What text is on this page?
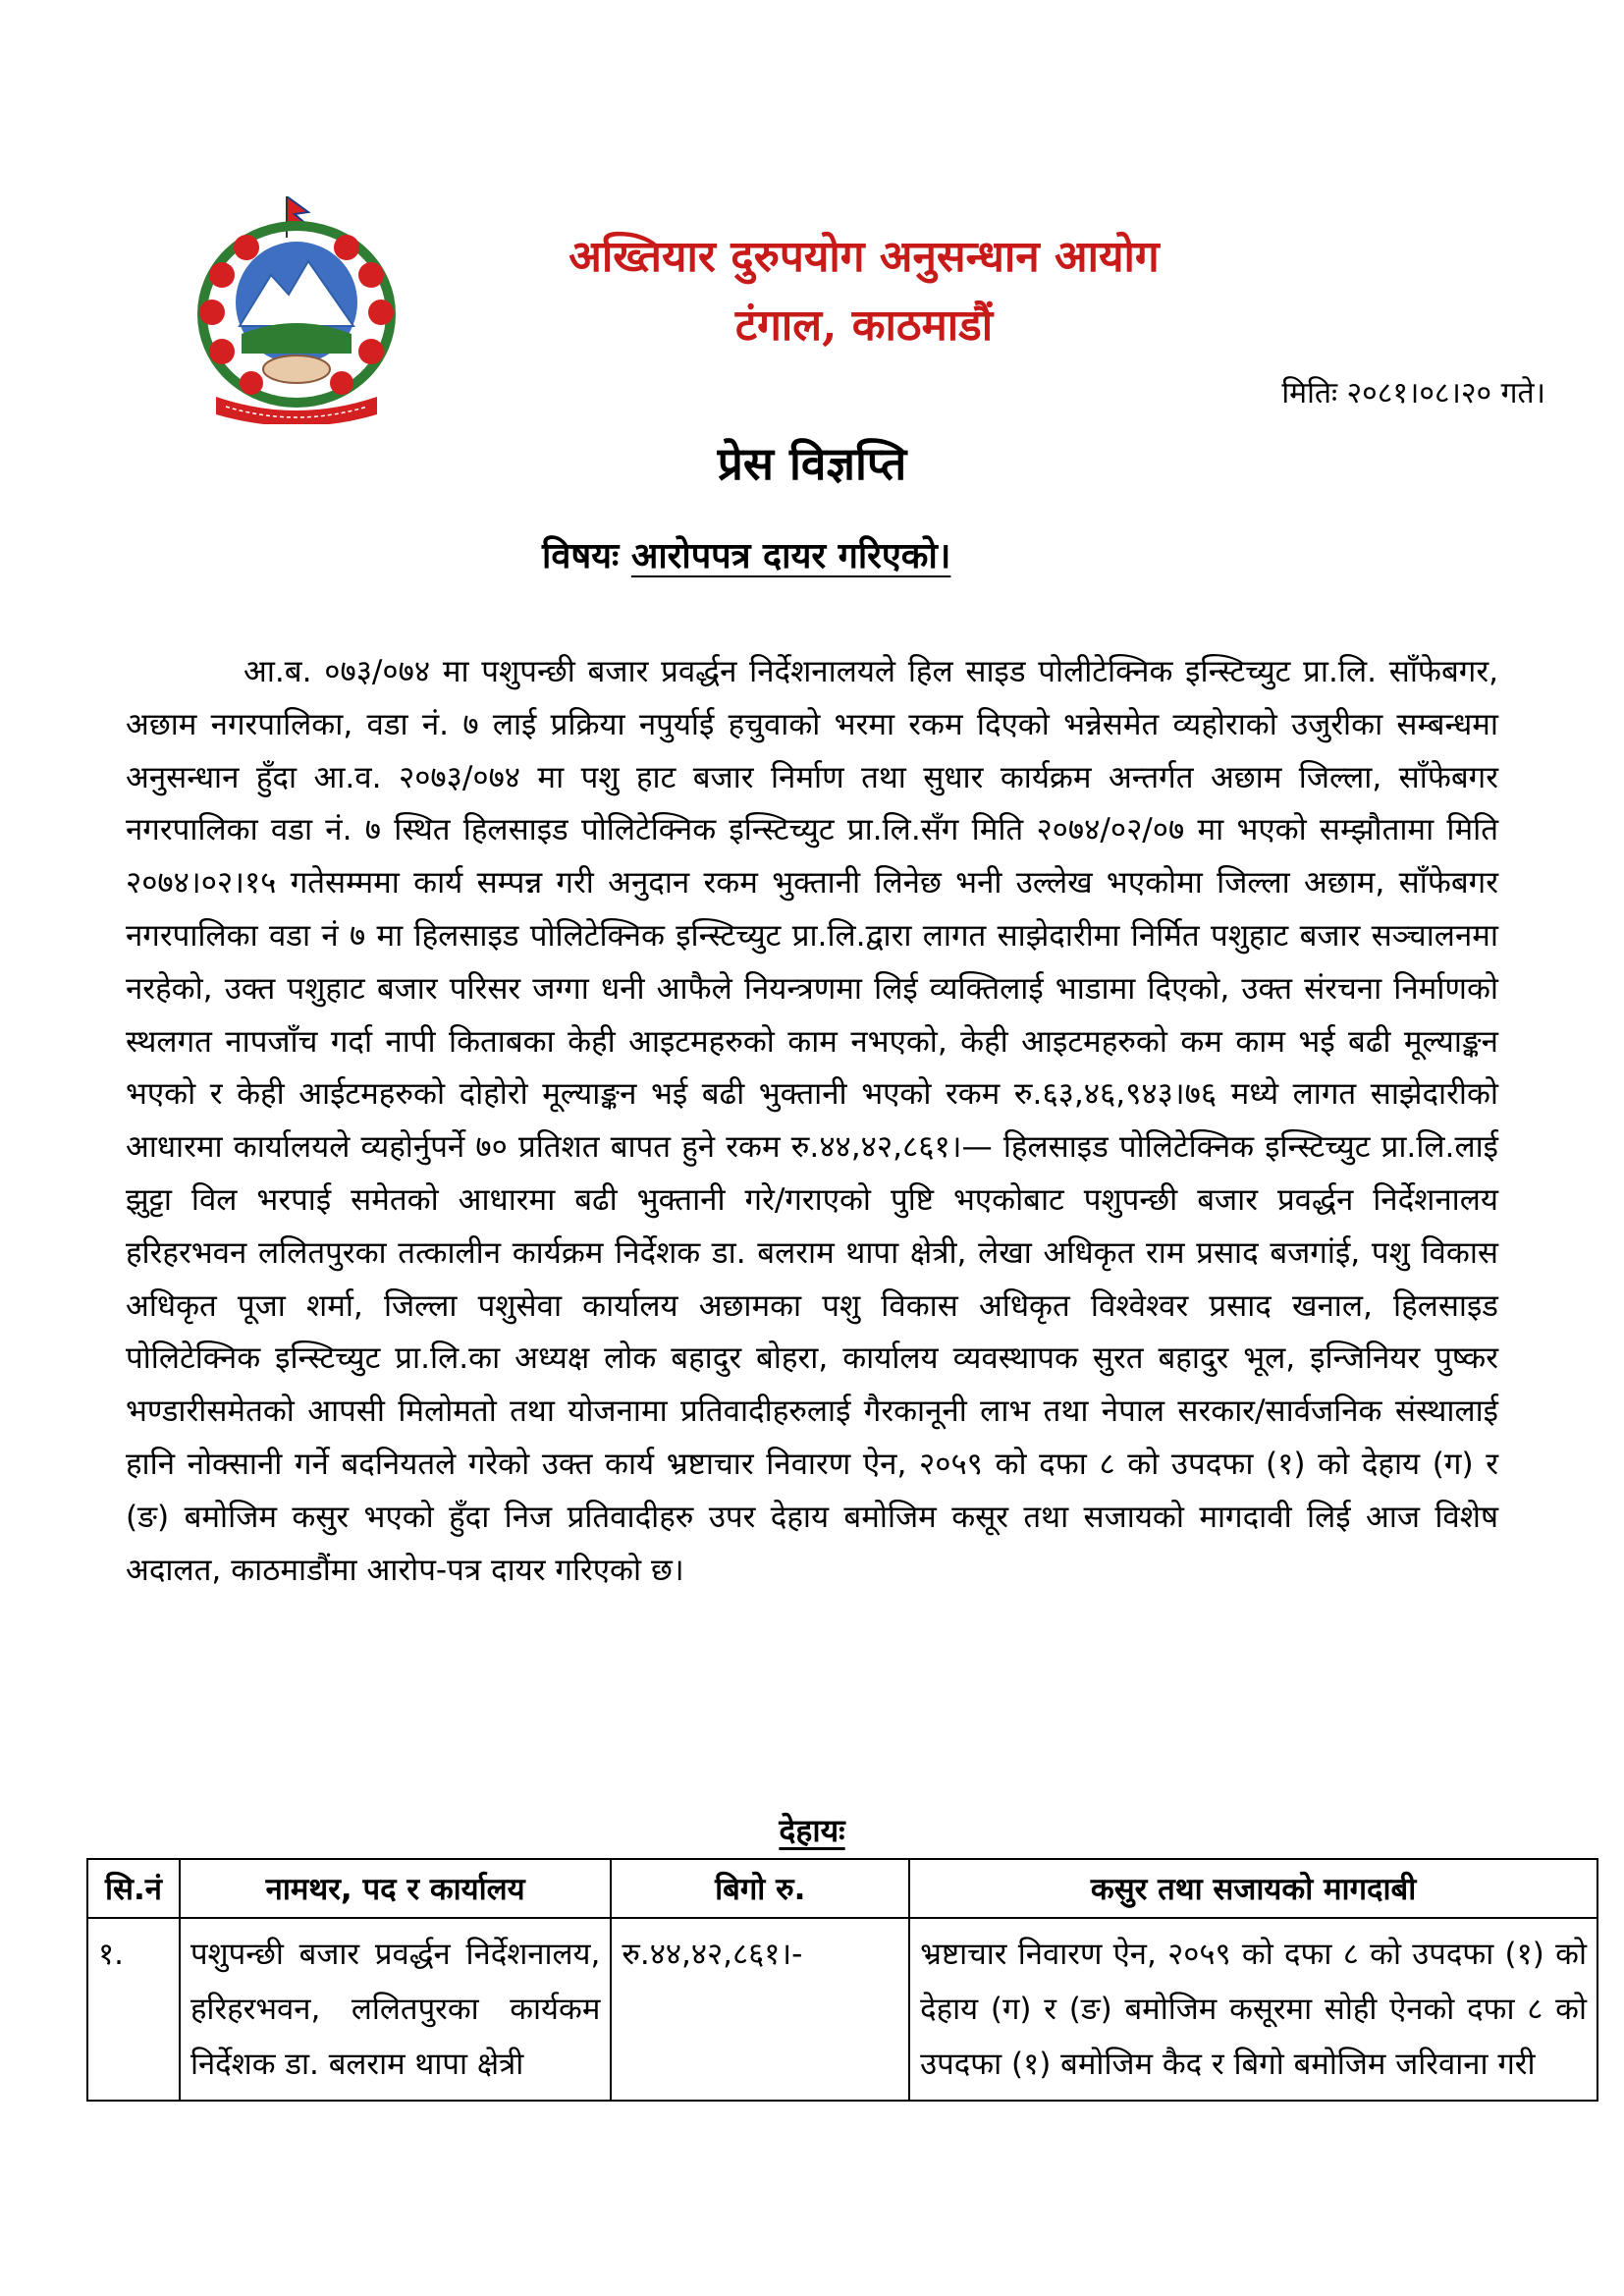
अख्तियार दुरुपयोग अनुसन्धान आयोग
टंगाल, काठमाडौं
मितिः २०८१।०८।२० गते।
प्रेस विज्ञप्ति
विषयः आरोपपत्र दायर गरिएको।

आ.ब. ०७३/०७४ मा पशुपन्छी बजार प्रवर्द्धन निर्देशनालयले हिल साइड पोलीटेक्निक इन्स्टिच्युट प्रा.लि. साँफेबगर, अछाम नगरपालिका, वडा नं. ७ लाई प्रक्रिया नपुर्याई हचुवाको भरमा रकम दिएको भन्नेसमेत व्यहोराको उजुरीका सम्बन्धमा अनुसन्धान हुँदा आ.व. २०७३/०७४ मा पशु हाट बजार निर्माण तथा सुधार कार्यक्रम अन्तर्गत अछाम जिल्ला, साँफेबगर नगरपालिका वडा नं. ७ स्थित हिलसाइड पोलिटेक्निक इन्स्टिच्युट प्रा.लि.सँग मिति २०७४/०२/०७ मा भएको सम्झौतामा मिति २०७४।०२।१५ गतेसम्ममा कार्य सम्पन्न गरी अनुदान रकम भुक्तानी लिनेछ भनी उल्लेख भएकोमा जिल्ला अछाम, साँफेबगर नगरपालिका वडा नं ७ मा हिलसाइड पोलिटेक्निक इन्स्टिच्युट प्रा.लि.द्वारा लागत साझेदारीमा निर्मित पशुहाट बजार सञ्चालनमा नरहेको, उक्त पशुहाट बजार परिसर जग्गा धनी आफैले नियन्त्रणमा लिई व्यक्तिलाई भाडामा दिएको, उक्त संरचना निर्माणको स्थलगत नापजाँच गर्दा नापी किताबका केही आइटमहरुको काम नभएको, केही आइटमहरुको कम काम भई बढी मूल्याङ्कन भएको र केही आईटमहरुको दोहोरो मूल्याङ्कन भई बढी भुक्तानी भएको रकम रु.६३,४६,९४३।७६ मध्ये लागत साझेदारीको आधारमा कार्यालयले व्यहोर्नुपर्ने ७० प्रतिशत बापत हुने रकम रु.४४,४२,८६१।— हिलसाइड पोलिटेक्निक इन्स्टिच्युट प्रा.लि.लाई झुट्टा विल भरपाई समेतको आधारमा बढी भुक्तानी गरे/गराएको पुष्टि भएकोबाट पशुपन्छी बजार प्रवर्द्धन निर्देशनालय हरिहरभवन ललितपुरका तत्कालीन कार्यक्रम निर्देशक डा. बलराम थापा क्षेत्री, लेखा अधिकृत राम प्रसाद बजगांई, पशु विकास अधिकृत पूजा शर्मा, जिल्ला पशुसेवा कार्यालय अछामका पशु विकास अधिकृत विश्वेश्वर प्रसाद खनाल, हिलसाइड पोलिटेक्निक इन्स्टिच्युट प्रा.लि.का अध्यक्ष लोक बहादुर बोहरा, कार्यालय व्यवस्थापक सुरत बहादुर भूल, इन्जिनियर पुष्कर भण्डारीसमेतको आपसी मिलोमतो तथा योजनामा प्रतिवादीहरुलाई गैरकानूनी लाभ तथा नेपाल सरकार/सार्वजनिक संस्थालाई हानि नोक्सानी गर्ने बदनियतले गरेको उक्त कार्य भ्रष्टाचार निवारण ऐन, २०५९ को दफा ८ को उपदफा (१) को देहाय (ग) र (ङ) बमोजिम कसुर भएको हुँदा निज प्रतिवादीहरु उपर देहाय बमोजिम कसूर तथा सजायको मागदावी लिई आज विशेष अदालत, काठमाडौंमा आरोप-पत्र दायर गरिएको छ।

देहायः
सि.नं	नामथर, पद र कार्यालय	बिगो रु.	कसुर तथा सजायको मागदाबी
१.	पशुपन्छी बजार प्रवर्द्धन निर्देशनालय, हरिहरभवन, ललितपुरका कार्यकम निर्देशक डा. बलराम थापा क्षेत्री	रु.४४,४२,८६१।-	भ्रष्टाचार निवारण ऐन, २०५९ को दफा ८ को उपदफा (१) को देहाय (ग) र (ङ) बमोजिम कसूरमा सोही ऐनको दफा ८ को उपदफा (१) बमोजिम कैद र बिगो बमोजिम जरिवाना गरी
